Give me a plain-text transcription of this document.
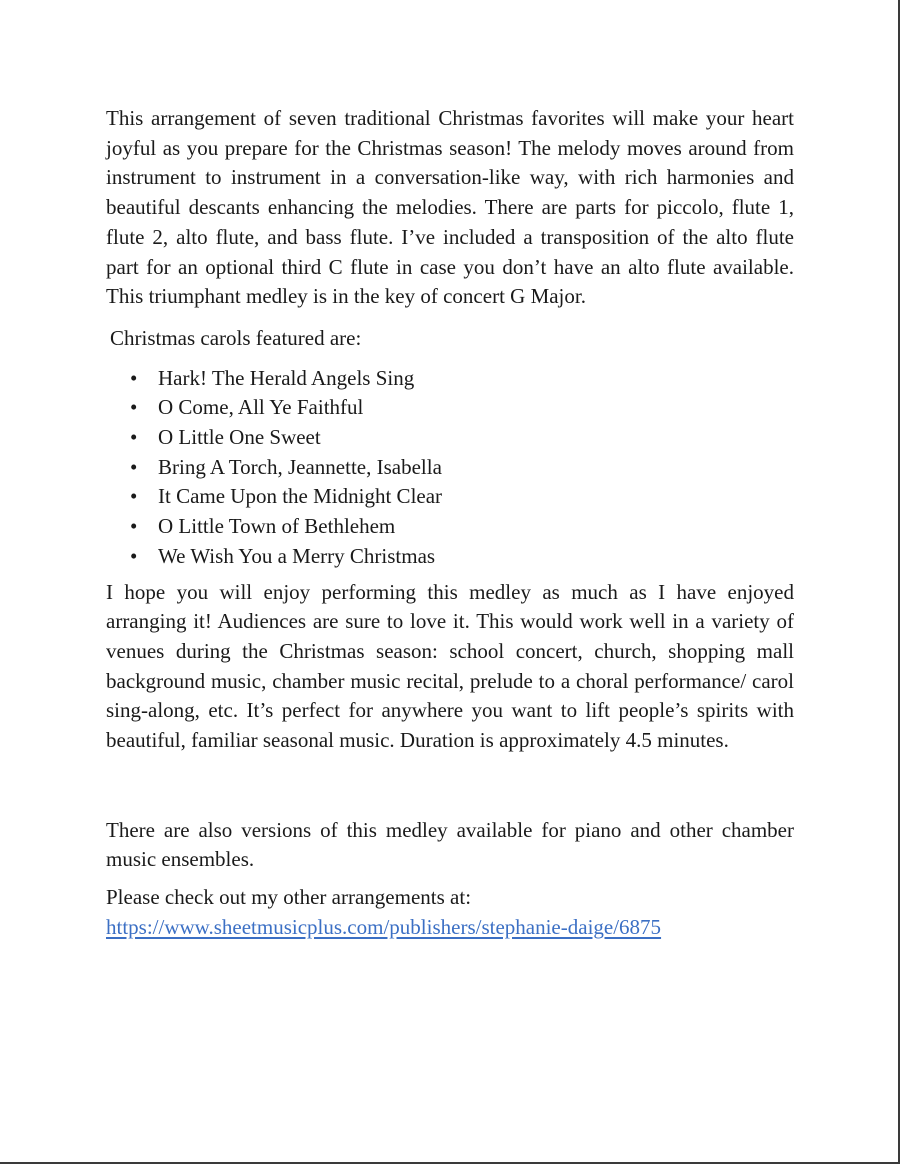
This arrangement of seven traditional Christmas favorites will make your heart joyful as you prepare for the Christmas season! The melody moves around from instrument to instrument in a conversation-like way, with rich harmonies and beautiful descants enhancing the melodies. There are parts for piccolo, flute 1, flute 2, alto flute, and bass flute. I’ve included a transposition of the alto flute part for an optional third C flute in case you don’t have an alto flute available. This triumphant medley is in the key of concert G Major.

Christmas carols featured are:

• Hark! The Herald Angels Sing
• O Come, All Ye Faithful
• O Little One Sweet
• Bring A Torch, Jeannette, Isabella
• It Came Upon the Midnight Clear
• O Little Town of Bethlehem
• We Wish You a Merry Christmas

I hope you will enjoy performing this medley as much as I have enjoyed arranging it! Audiences are sure to love it. This would work well in a variety of venues during the Christmas season: school concert, church, shopping mall background music, chamber music recital, prelude to a choral performance/ carol sing-along, etc. It’s perfect for anywhere you want to lift people’s spirits with beautiful, familiar seasonal music. Duration is approximately 4.5 minutes.

There are also versions of this medley available for piano and other chamber music ensembles.

Please check out my other arrangements at:

https://www.sheetmusicplus.com/publishers/stephanie-daige/6875
